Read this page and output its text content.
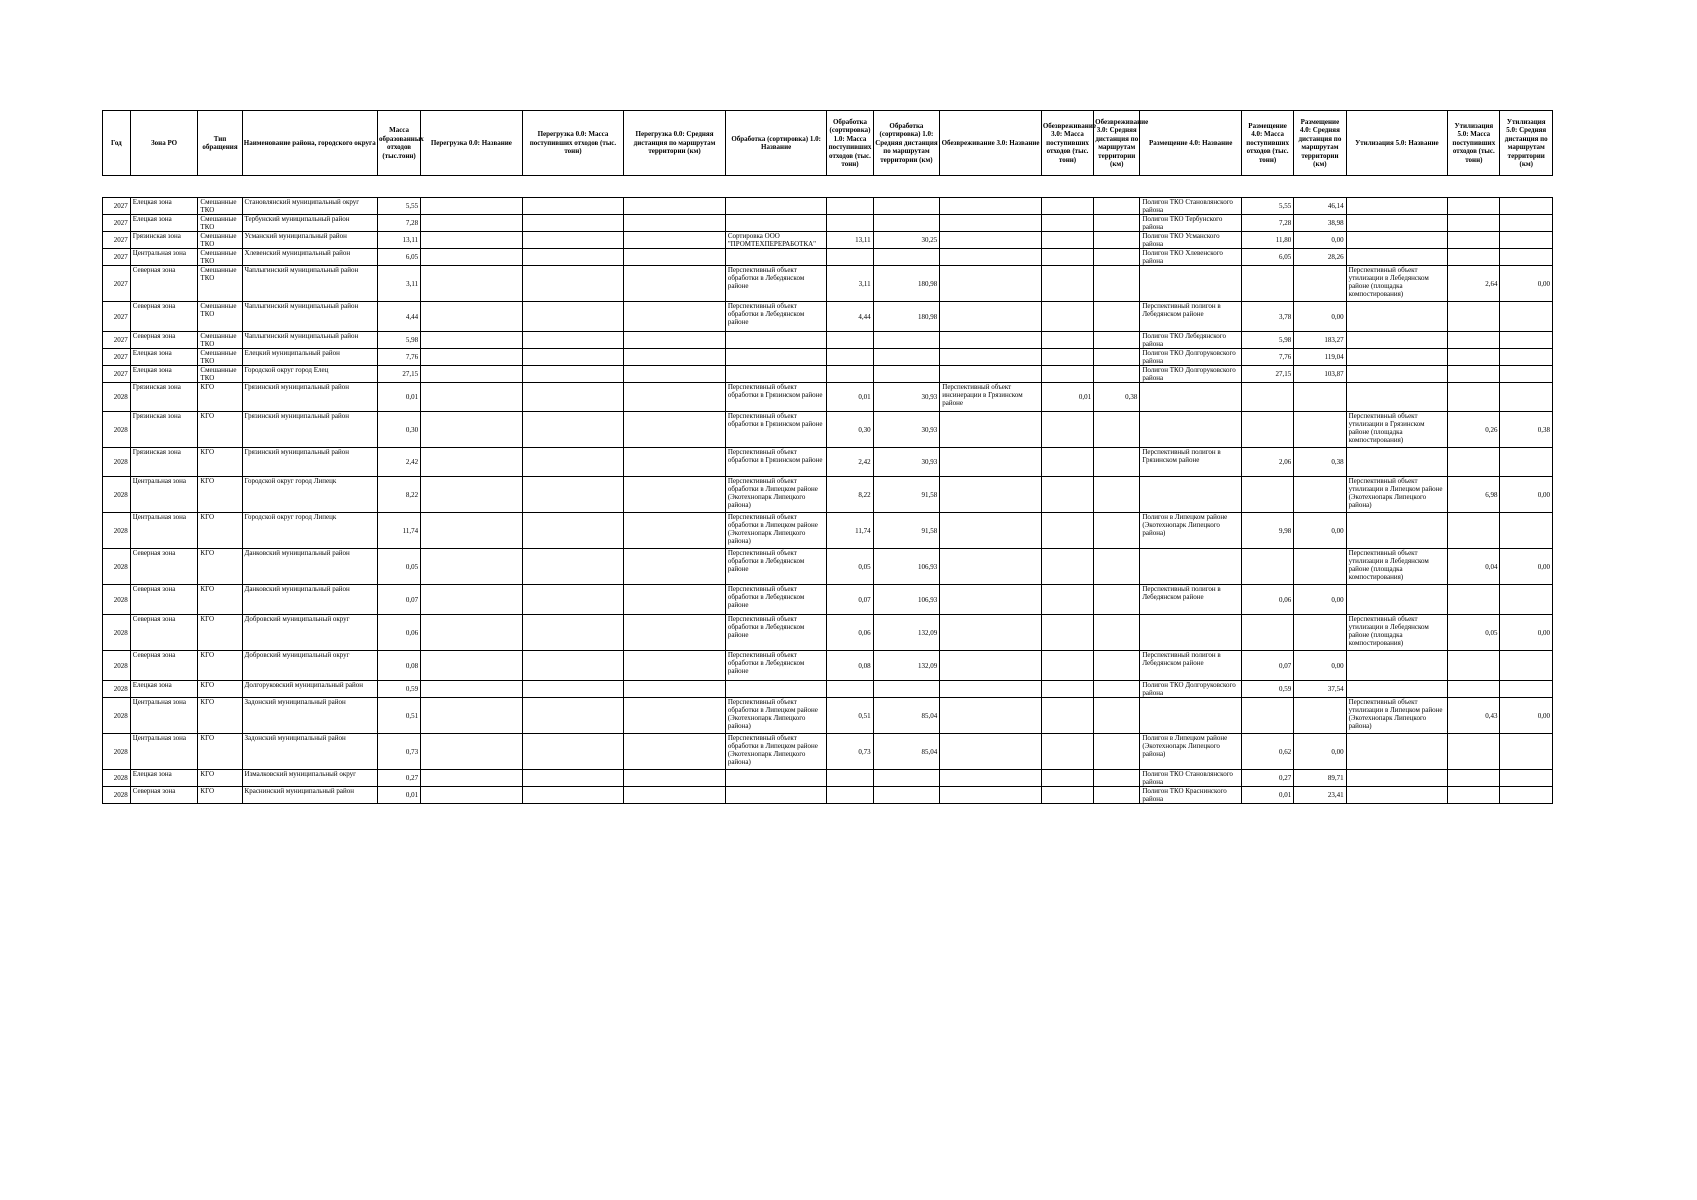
Год	Зона РО	Тип обращения	Наименование района, городского округа	Масса образованных отходов (тыс.тонн)	Перегрузка 0.0: Название	Перегрузка 0.0: Масса поступивших отходов (тыс. тонн)	Перегрузка 0.0: Средняя дистанция по маршрутам территории (км)	Обработка (сортировка) 1.0: Название	Обработка (сортировка) 1.0: Масса поступивших отходов (тыс. тонн)	Обработка (сортировка) 1.0: Средняя дистанция по маршрутам территории (км)	Обезвреживание 3.0: Название	Обезвреживание 3.0: Масса поступивших отходов (тыс. тонн)	Обезвреживание 3.0: Средняя дистанция по маршрутам территории (км)	Размещение 4.0: Название	Размещение 4.0: Масса поступивших отходов (тыс. тонн)	Размещение 4.0: Средняя дистанция по маршрутам территории (км)	Утилизация 5.0: Название	Утилизация 5.0: Масса поступивших отходов (тыс. тонн)	Утилизация 5.0: Средняя дистанция по маршрутам территории (км)
2027	Елецкая зона	Смешанные ТКО	Становлянский муниципальный округ	5,55										Полигон ТКО Становлянского района	5,55	46,14			
2027	Елецкая зона	Смешанные ТКО	Тербунский муниципальный район	7,28										Полигон ТКО Тербунского района	7,28	38,98			
2027	Грязинская зона	Смешанные ТКО	Усманский муниципальный район	13,11				Сортировка ООО "ПРОМТЕХПЕРЕРАБОТКА"	13,11	30,25				Полигон ТКО Усманского района	11,80	0,00			
2027	Центральная зона	Смешанные ТКО	Хлевенский муниципальный район	6,05										Полигон ТКО Хлевенского района	6,05	28,26			
2027	Северная зона	Смешанные ТКО	Чаплыгинский муниципальный район	3,11				Перспективный объект обработки в Лебедянском районе	3,11	180,98							Перспективный объект утилизации в Лебедянском районе (площадка компостирования)	2,64	0,00
2027	Северная зона	Смешанные ТКО	Чаплыгинский муниципальный район	4,44				Перспективный объект обработки в Лебедянском районе	4,44	180,98				Перспективный полигон в Лебедянском районе	3,78	0,00			
2027	Северная зона	Смешанные ТКО	Чаплыгинский муниципальный район	5,98										Полигон ТКО Лебедянского района	5,98	183,27			
2027	Елецкая зона	Смешанные ТКО	Елецкий муниципальный район	7,76										Полигон ТКО Долгоруковского района	7,76	119,04			
2027	Елецкая зона	Смешанные ТКО	Городской округ город Елец	27,15										Полигон ТКО Долгоруковского района	27,15	103,87			
2028	Грязинская зона	КГО	Грязинский муниципальный район	0,01				Перспективный объект обработки в Грязинском районе	0,01	30,93	Перспективный объект инсинерации в Грязинском районе	0,01	0,38						
2028	Грязинская зона	КГО	Грязинский муниципальный район	0,30				Перспективный объект обработки в Грязинском районе	0,30	30,93							Перспективный объект утилизации в Грязинском районе (площадка компостирования)	0,26	0,38
2028	Грязинская зона	КГО	Грязинский муниципальный район	2,42				Перспективный объект обработки в Грязинском районе	2,42	30,93				Перспективный полигон в Грязинском районе	2,06	0,38			
2028	Центральная зона	КГО	Городской округ город Липецк	8,22				Перспективный объект обработки в Липецком районе (Экотехнопарк Липецкого района)	8,22	91,58							Перспективный объект утилизации в Липецком районе (Экотехнопарк Липецкого района)	6,98	0,00
2028	Центральная зона	КГО	Городской округ город Липецк	11,74				Перспективный объект обработки в Липецком районе (Экотехнопарк Липецкого района)	11,74	91,58				Полигон в Липецком районе (Экотехнопарк Липецкого района)	9,98	0,00			
2028	Северная зона	КГО	Данковский муниципальный район	0,05				Перспективный объект обработки в Лебедянском районе	0,05	106,93							Перспективный объект утилизации в Лебедянском районе (площадка компостирования)	0,04	0,00
2028	Северная зона	КГО	Данковский муниципальный район	0,07				Перспективный объект обработки в Лебедянском районе	0,07	106,93				Перспективный полигон в Лебедянском районе	0,06	0,00			
2028	Северная зона	КГО	Добровский муниципальный округ	0,06				Перспективный объект обработки в Лебедянском районе	0,06	132,09							Перспективный объект утилизации в Лебедянском районе (площадка компостирования)	0,05	0,00
2028	Северная зона	КГО	Добровский муниципальный округ	0,08				Перспективный объект обработки в Лебедянском районе	0,08	132,09				Перспективный полигон в Лебедянском районе	0,07	0,00			
2028	Елецкая зона	КГО	Долгоруковский муниципальный район	0,59										Полигон ТКО Долгоруковского района	0,59	37,54			
2028	Центральная зона	КГО	Задонский муниципальный район	0,51				Перспективный объект обработки в Липецком районе (Экотехнопарк Липецкого района)	0,51	85,04							Перспективный объект утилизации в Липецком районе (Экотехнопарк Липецкого района)	0,43	0,00
2028	Центральная зона	КГО	Задонский муниципальный район	0,73				Перспективный объект обработки в Липецком районе (Экотехнопарк Липецкого района)	0,73	85,04				Полигон в Липецком районе (Экотехнопарк Липецкого района)	0,62	0,00			
2028	Елецкая зона	КГО	Измалковский муниципальный округ	0,27										Полигон ТКО Становлянского района	0,27	89,71			
2028	Северная зона	КГО	Краснинский муниципальный район	0,01										Полигон ТКО Краснинского района	0,01	23,41			
